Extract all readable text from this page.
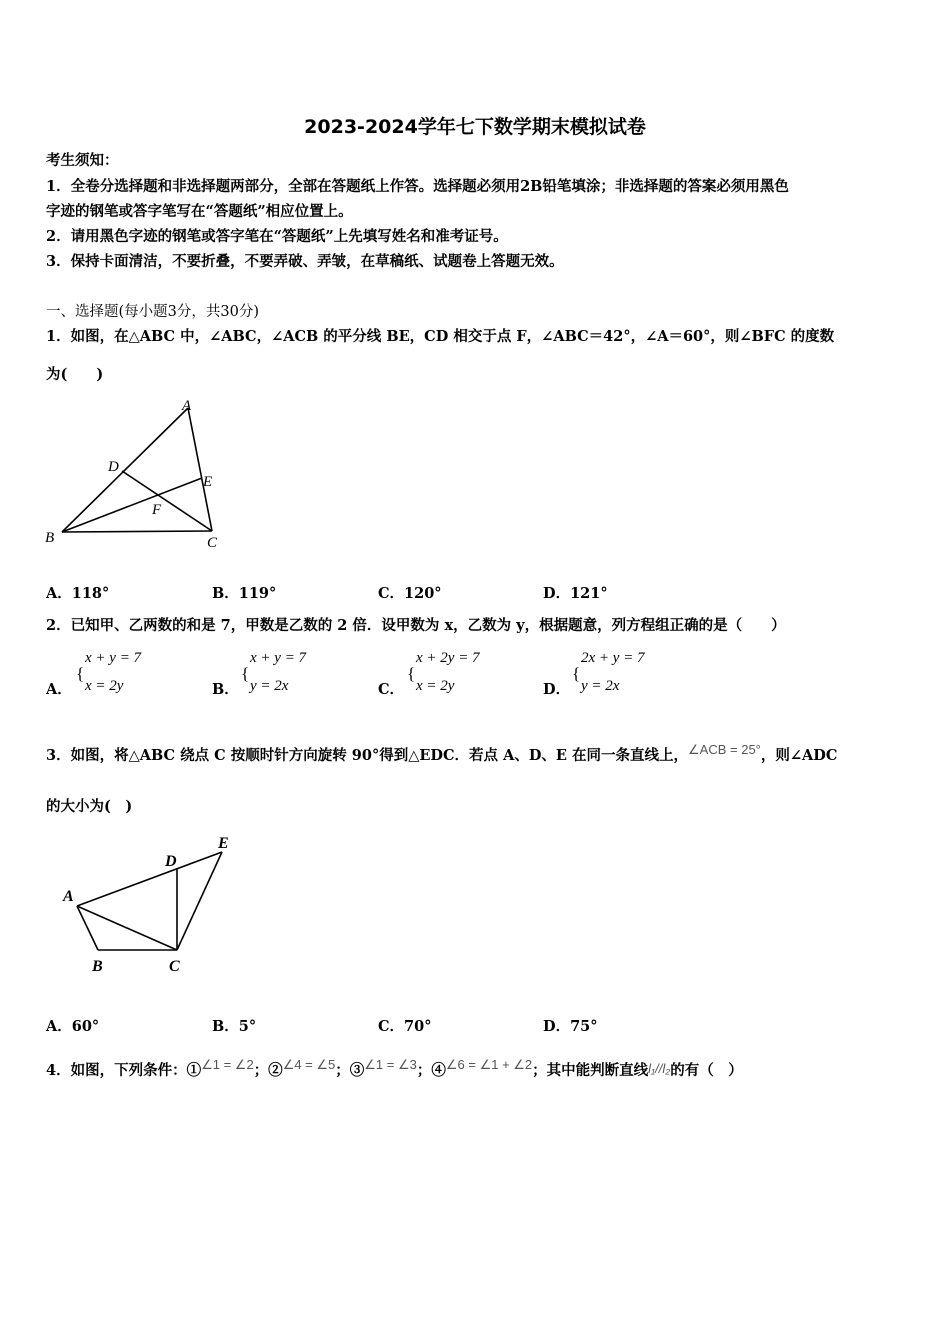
2023-2024学年七下数学期末模拟试卷
考生须知：
1．全卷分选择题和非选择题两部分，全部在答题纸上作答。选择题必须用2B铅笔填涂；非选择题的答案必须用黑色
字迹的钢笔或答字笔写在“答题纸”相应位置上。
2．请用黑色字迹的钢笔或答字笔在“答题纸”上先填写姓名和准考证号。
3．保持卡面清洁，不要折叠，不要弄破、弄皱，在草稿纸、试题卷上答题无效。
一、选择题(每小题3分，共30分)
1．如图，在△ABC 中，∠ABC，∠ACB 的平分线 BE，CD 相交于点 F，∠ABC＝42°，∠A＝60°，则∠BFC 的度数
为(　　)
A
B	C
D
E
F
A．118°	B．119°	C．120°	D．121°
2．已知甲、乙两数的和是 7，甲数是乙数的 2 倍．设甲数为 x，乙数为 y，根据题意，列方程组正确的是（　　）
A．
{
x + y = 7
x = 2y	B．
{
x + y = 7
y = 2x	C．
{
x + 2y = 7
x = 2y	D．
{
2x + y = 7
y = 2x
3．如图，将△ABC 绕点 C 按顺时针方向旋转 90°得到△EDC．若点 A、D、E 在同一条直线上，∠ACB = 25°，则∠ADC
的大小为(　)
A
B	C
D
E
A．60°	B．5°	C．70°	D．75°
4．如图，下列条件：①∠1 = ∠2；②∠4 = ∠5；③∠1 = ∠3；④∠6 = ∠1 + ∠2；其中能判断直线l₁//l₂的有（　）
